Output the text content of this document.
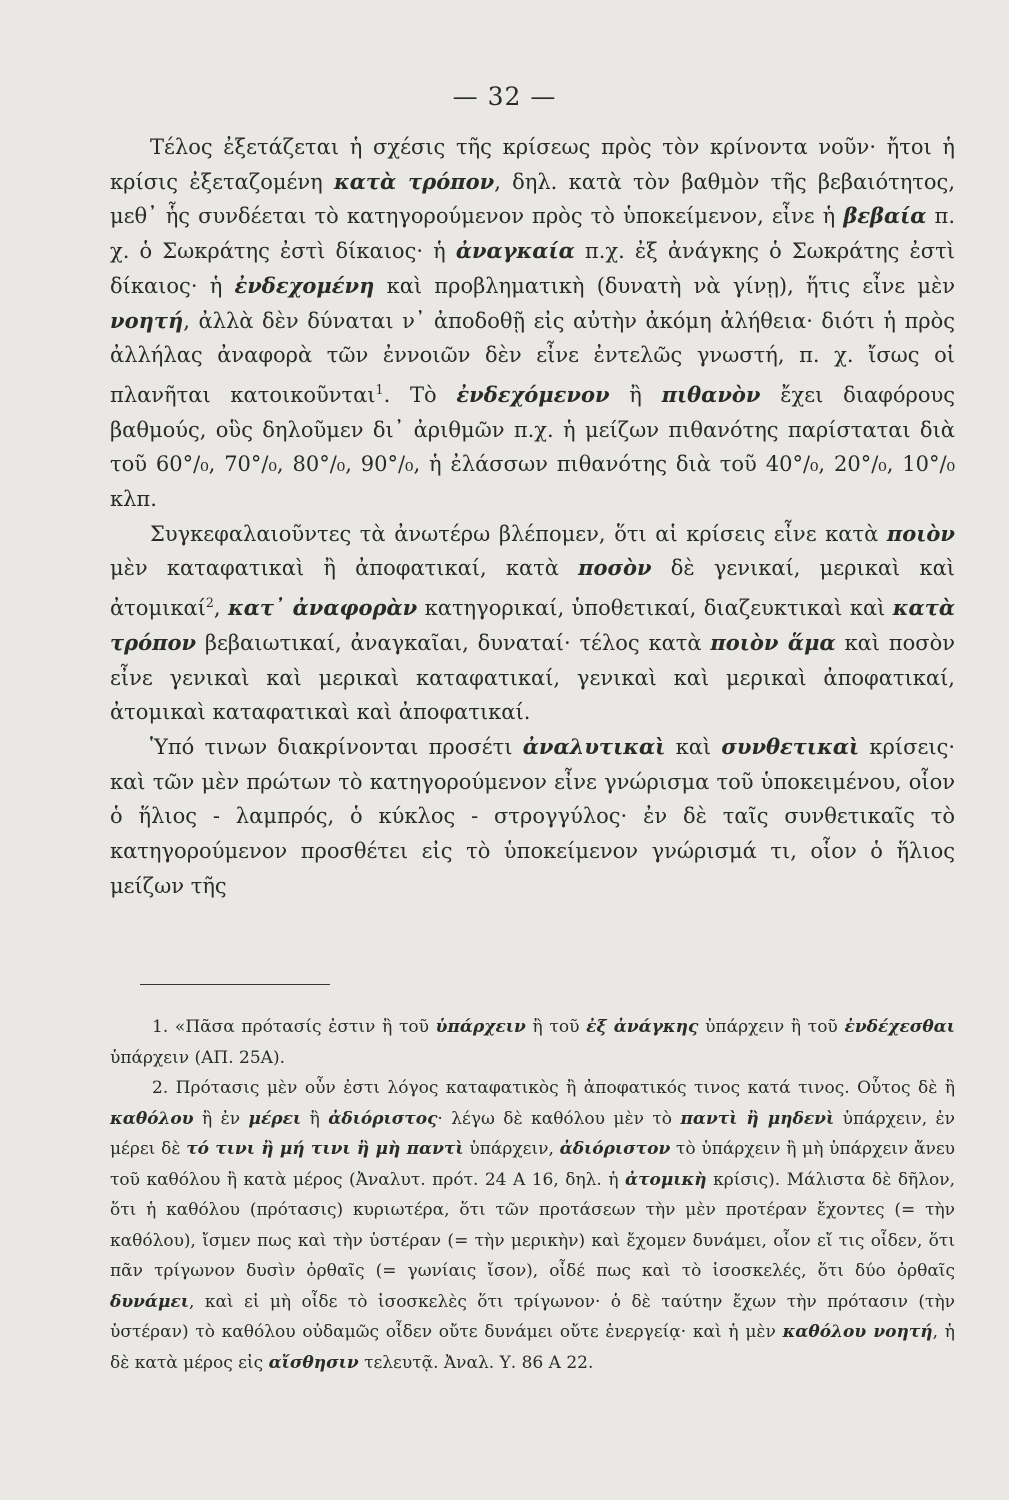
— 32 —

Τέλος ἐξετάζεται ἡ σχέσις τῆς κρίσεως πρὸς τὸν κρίνοντα νοῦν· ἤτοι ἡ κρίσις ἐξεταζομένη κατὰ τρόπον, δηλ. κατὰ τὸν βαθμὸν τῆς βεβαιότητος, μεθ᾽ ἧς συνδέεται τὸ κατηγορούμενον πρὸς τὸ ὑποκείμενον, εἶνε ἡ βεβαία π. χ. ὁ Σωκράτης ἐστὶ δίκαιος· ἡ ἀναγκαία π.χ. ἐξ ἀνάγκης ὁ Σωκράτης ἐστὶ δίκαιος· ἡ ἐνδεχομένη καὶ προβληματικὴ (δυνατὴ νὰ γίνῃ), ἥτις εἶνε μὲν νοητή, ἀλλὰ δὲν δύναται ν᾽ ἀποδοθῇ εἰς αὐτὴν ἀκόμη ἀλήθεια· διότι ἡ πρὸς ἀλλήλας ἀναφορὰ τῶν ἐννοιῶν δὲν εἶνε ἐντελῶς γνωστή, π. χ. ἴσως οἱ πλανῆται κατοικοῦνται$^1$. Τὸ ἐνδεχόμενον ἢ πιθανὸν ἔχει διαφόρους βαθμούς, οὓς δηλοῦμεν δι᾽ ἀριθμῶν π.χ. ἡ μείζων πιθανότης παρίσταται διὰ τοῦ 60°/₀, 70°/₀, 80°/₀, 90°/₀, ἡ ἐλάσσων πιθανότης διὰ τοῦ 40°/₀, 20°/₀, 10°/₀ κλπ.

Συγκεφαλαιοῦντες τὰ ἀνωτέρω βλέπομεν, ὅτι αἱ κρίσεις εἶνε κατὰ ποιὸν μὲν καταφατικαὶ ἢ ἀποφατικαί, κατὰ ποσὸν δὲ γενικαί, μερικαὶ καὶ ἀτομικαί$^2$, κατ᾽ ἀναφορὰν κατηγορικαί, ὑποθετικαί, διαζευκτικαὶ καὶ κατὰ τρόπον βεβαιωτικαί, ἀναγκαῖαι, δυναταί· τέλος κατὰ ποιὸν ἅμα καὶ ποσὸν εἶνε γενικαὶ καὶ μερικαὶ καταφατικαί, γενικαὶ καὶ μερικαὶ ἀποφατικαί, ἀτομικαὶ καταφατικαὶ καὶ ἀποφατικαί.

Ὑπό τινων διακρίνονται προσέτι ἀναλυτικαὶ καὶ συνθετικαὶ κρίσεις· καὶ τῶν μὲν πρώτων τὸ κατηγορούμενον εἶνε γνώρισμα τοῦ ὑποκειμένου, οἷον ὁ ἥλιος - λαμπρός, ὁ κύκλος - στρογγύλος· ἐν δὲ ταῖς συνθετικαῖς τὸ κατηγορούμενον προσθέτει εἰς τὸ ὑποκείμενον γνώρισμά τι, οἷον ὁ ἥλιος μείζων τῆς

1. «Πᾶσα πρότασίς ἐστιν ἢ τοῦ ὑπάρχειν ἢ τοῦ ἐξ ἀνάγκης ὑπάρχειν ἢ τοῦ ἐνδέχεσθαι ὑπάρχειν (ΑΠ. 25Α).

2. Πρότασις μὲν οὖν ἐστι λόγος καταφατικὸς ἢ ἀποφατικός τινος κατά τινος. Οὗτος δὲ ἢ καθόλου ἢ ἐν μέρει ἢ ἀδιόριστος· λέγω δὲ καθόλου μὲν τὸ παντὶ ἢ μηδενὶ ὑπάρχειν, ἐν μέρει δὲ τό τινι ἢ μή τινι ἢ μὴ παντὶ ὑπάρχειν, ἀδιόριστον τὸ ὑπάρχειν ἢ μὴ ὑπάρχειν ἄνευ τοῦ καθόλου ἢ κατὰ μέρος (Ἀναλυτ. πρότ. 24 Α 16, δηλ. ἡ ἀτομικὴ κρίσις). Μάλιστα δὲ δῆλον, ὅτι ἡ καθόλου (πρότασις) κυριωτέρα, ὅτι τῶν προτάσεων τὴν μὲν προτέραν ἔχοντες (= τὴν καθόλου), ἴσμεν πως καὶ τὴν ὑστέραν (= τὴν μερικὴν) καὶ ἔχομεν δυνάμει, οἷον εἴ τις οἶδεν, ὅτι πᾶν τρίγωνον δυσὶν ὀρθαῖς (= γωνίαις ἴσον), οἶδέ πως καὶ τὸ ἰσοσκελές, ὅτι δύο ὀρθαῖς δυνάμει, καὶ εἰ μὴ οἶδε τὸ ἰσοσκελὲς ὅτι τρίγωνον· ὁ δὲ ταύτην ἔχων τὴν πρότασιν (τὴν ὑστέραν) τὸ καθόλου οὐδαμῶς οἶδεν οὔτε δυνάμει οὔτε ἐνεργείᾳ· καὶ ἡ μὲν καθόλου νοητή, ἡ δὲ κατὰ μέρος εἰς αἴσθησιν τελευτᾷ. Ἀναλ. Υ. 86 Α 22.
